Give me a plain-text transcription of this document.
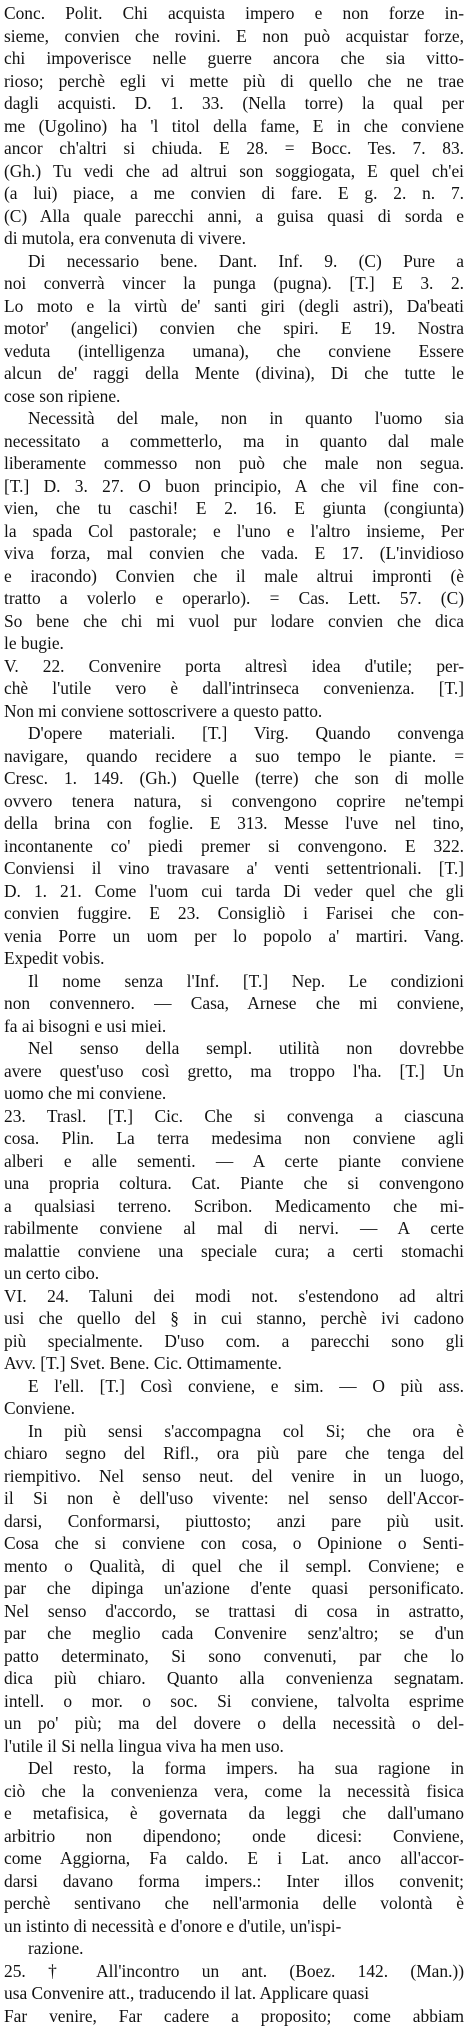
Conc. Polit. Chi acquista impero e non forze in-
sieme, convien che rovini. E non può acquistar forze,
chi impoverisce nelle guerre ancora che sia vitto-
rioso; perchè egli vi mette più di quello che ne trae
dagli acquisti. D. 1. 33. (Nella torre) la qual per
me (Ugolino) ha 'l titol della fame, E in che conviene
ancor ch'altri si chiuda. E 28. = Bocc. Tes. 7. 83.
(Gh.) Tu vedi che ad altrui son soggiogata, E quel ch'ei
(a lui) piace, a me convien di fare. E g. 2. n. 7.
(C) Alla quale parecchi anni, a guisa quasi di sorda e
di mutola, era convenuta di vivere.
Di necessario bene. Dant. Inf. 9. (C) Pure a
noi converrà vincer la punga (pugna). [T.] E 3. 2.
Lo moto e la virtù de' santi giri (degli astri), Da'beati
motor' (angelici) convien che spiri. E 19. Nostra
veduta (intelligenza umana), che conviene Essere
alcun de' raggi della Mente (divina), Di che tutte le
cose son ripiene.
Necessità del male, non in quanto l'uomo sia
necessitato a commetterlo, ma in quanto dal male
liberamente commesso non può che male non segua.
[T.] D. 3. 27. O buon principio, A che vil fine con-
vien, che tu caschi! E 2. 16. E giunta (congiunta)
la spada Col pastorale; e l'uno e l'altro insieme, Per
viva forza, mal convien che vada. E 17. (L'invidioso
e iracondo) Convien che il male altrui impronti (è
tratto a volerlo e operarlo). = Cas. Lett. 57. (C)
So bene che chi mi vuol pur lodare convien che dica
le bugie.
V. 22. Convenire porta altresì idea d'utile; per-
chè l'utile vero è dall'intrinseca convenienza. [T.]
Non mi conviene sottoscrivere a questo patto.
D'opere materiali. [T.] Virg. Quando convenga
navigare, quando recidere a suo tempo le piante. =
Cresc. 1. 149. (Gh.) Quelle (terre) che son di molle
ovvero tenera natura, si convengono coprire ne'tempi
della brina con foglie. E 313. Messe l'uve nel tino,
incontanente co' piedi premer si convengono. E 322.
Conviensi il vino travasare a' venti settentrionali. [T.]
D. 1. 21. Come l'uom cui tarda Di veder quel che gli
convien fuggire. E 23. Consigliò i Farisei che con-
venia Porre un uom per lo popolo a' martiri. Vang.
Expedit vobis.
Il nome senza l'Inf. [T.] Nep. Le condizioni
non convennero. — Casa, Arnese che mi conviene,
fa ai bisogni e usi miei.
Nel senso della sempl. utilità non dovrebbe
avere quest'uso così gretto, ma troppo l'ha. [T.] Un
uomo che mi conviene.
23. Trasl. [T.] Cic. Che si convenga a ciascuna
cosa. Plin. La terra medesima non conviene agli
alberi e alle sementi. — A certe piante conviene
una propria coltura. Cat. Piante che si convengono
a qualsiasi terreno. Scribon. Medicamento che mi-
rabilmente conviene al mal di nervi. — A certe
malattie conviene una speciale cura; a certi stomachi
un certo cibo.
VI. 24. Taluni dei modi not. s'estendono ad altri
usi che quello del § in cui stanno, perchè ivi cadono
più specialmente. D'uso com. a parecchi sono gli
Avv. [T.] Svet. Bene. Cic. Ottimamente.
E l'ell. [T.] Così conviene, e sim. — O più ass.
Conviene.
In più sensi s'accompagna col Si; che ora è
chiaro segno del Rifl., ora più pare che tenga del
riempitivo. Nel senso neut. del venire in un luogo,
il Si non è dell'uso vivente: nel senso dell'Accor-
darsi, Conformarsi, piuttosto; anzi pare più usit.
Cosa che si conviene con cosa, o Opinione o Senti-
mento o Qualità, di quel che il sempl. Conviene; e
par che dipinga un'azione d'ente quasi personificato.
Nel senso d'accordo, se trattasi di cosa in astratto,
par che meglio cada Convenire senz'altro; se d'un
patto determinato, Si sono convenuti, par che lo
dica più chiaro. Quanto alla convenienza segnatam.
intell. o mor. o soc. Si conviene, talvolta esprime
un po' più; ma del dovere o della necessità o del-
l'utile il Si nella lingua viva ha men uso.
Del resto, la forma impers. ha sua ragione in
ciò che la convenienza vera, come la necessità fisica
e metafisica, è governata da leggi che dall'umano
arbitrio non dipendono; onde dicesi: Conviene,
come Aggiorna, Fa caldo. E i Lat. anco all'accor-
darsi davano forma impers.: Inter illos convenit;
perchè sentivano che nell'armonia delle volontà è
un istinto di necessità e d'onore e d'utile, un'ispi-
razione.
25. † All'incontro un ant. (Boez. 142. (Man.))
usa Convenire att., traducendo il lat. Applicare quasi
Far venire, Far cadere a proposito; come abbiam
